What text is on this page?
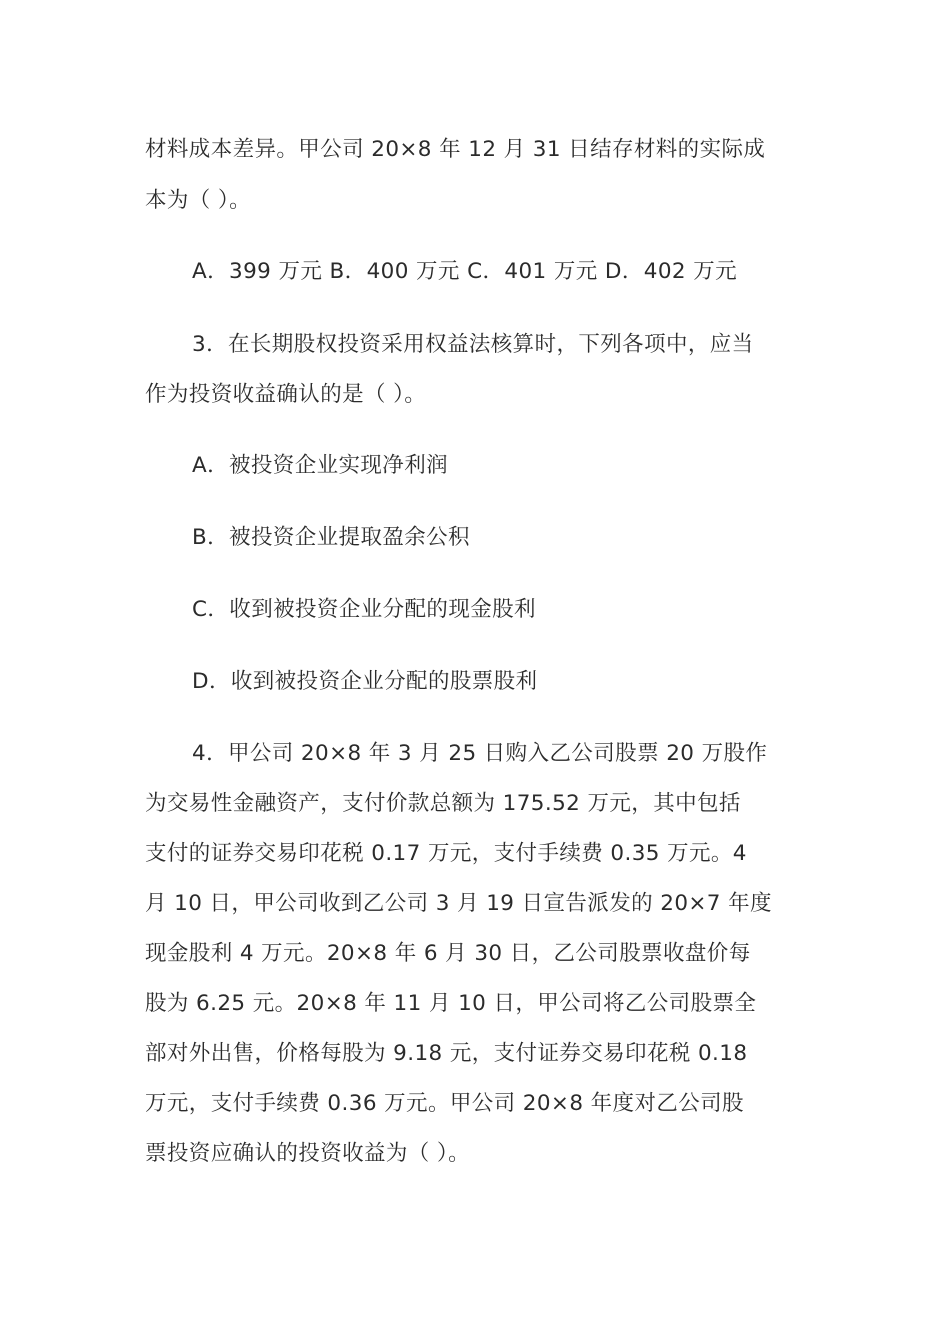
材料成本差异。甲公司 20×8 年 12 月 31 日结存材料的实际成
本为（ ）。
A．399 万元 B．400 万元 C．401 万元 D．402 万元
3．在长期股权投资采用权益法核算时，下列各项中，应当
作为投资收益确认的是（ ）。
A．被投资企业实现净利润
B．被投资企业提取盈余公积
C．收到被投资企业分配的现金股利
D．收到被投资企业分配的股票股利
4．甲公司 20×8 年 3 月 25 日购入乙公司股票 20 万股作
为交易性金融资产，支付价款总额为 175.52 万元，其中包括
支付的证券交易印花税 0.17 万元，支付手续费 0.35 万元。4
月 10 日，甲公司收到乙公司 3 月 19 日宣告派发的 20×7 年度
现金股利 4 万元。20×8 年 6 月 30 日，乙公司股票收盘价每
股为 6.25 元。20×8 年 11 月 10 日，甲公司将乙公司股票全
部对外出售，价格每股为 9.18 元，支付证券交易印花税 0.18
万元，支付手续费 0.36 万元。甲公司 20×8 年度对乙公司股
票投资应确认的投资收益为（ ）。
